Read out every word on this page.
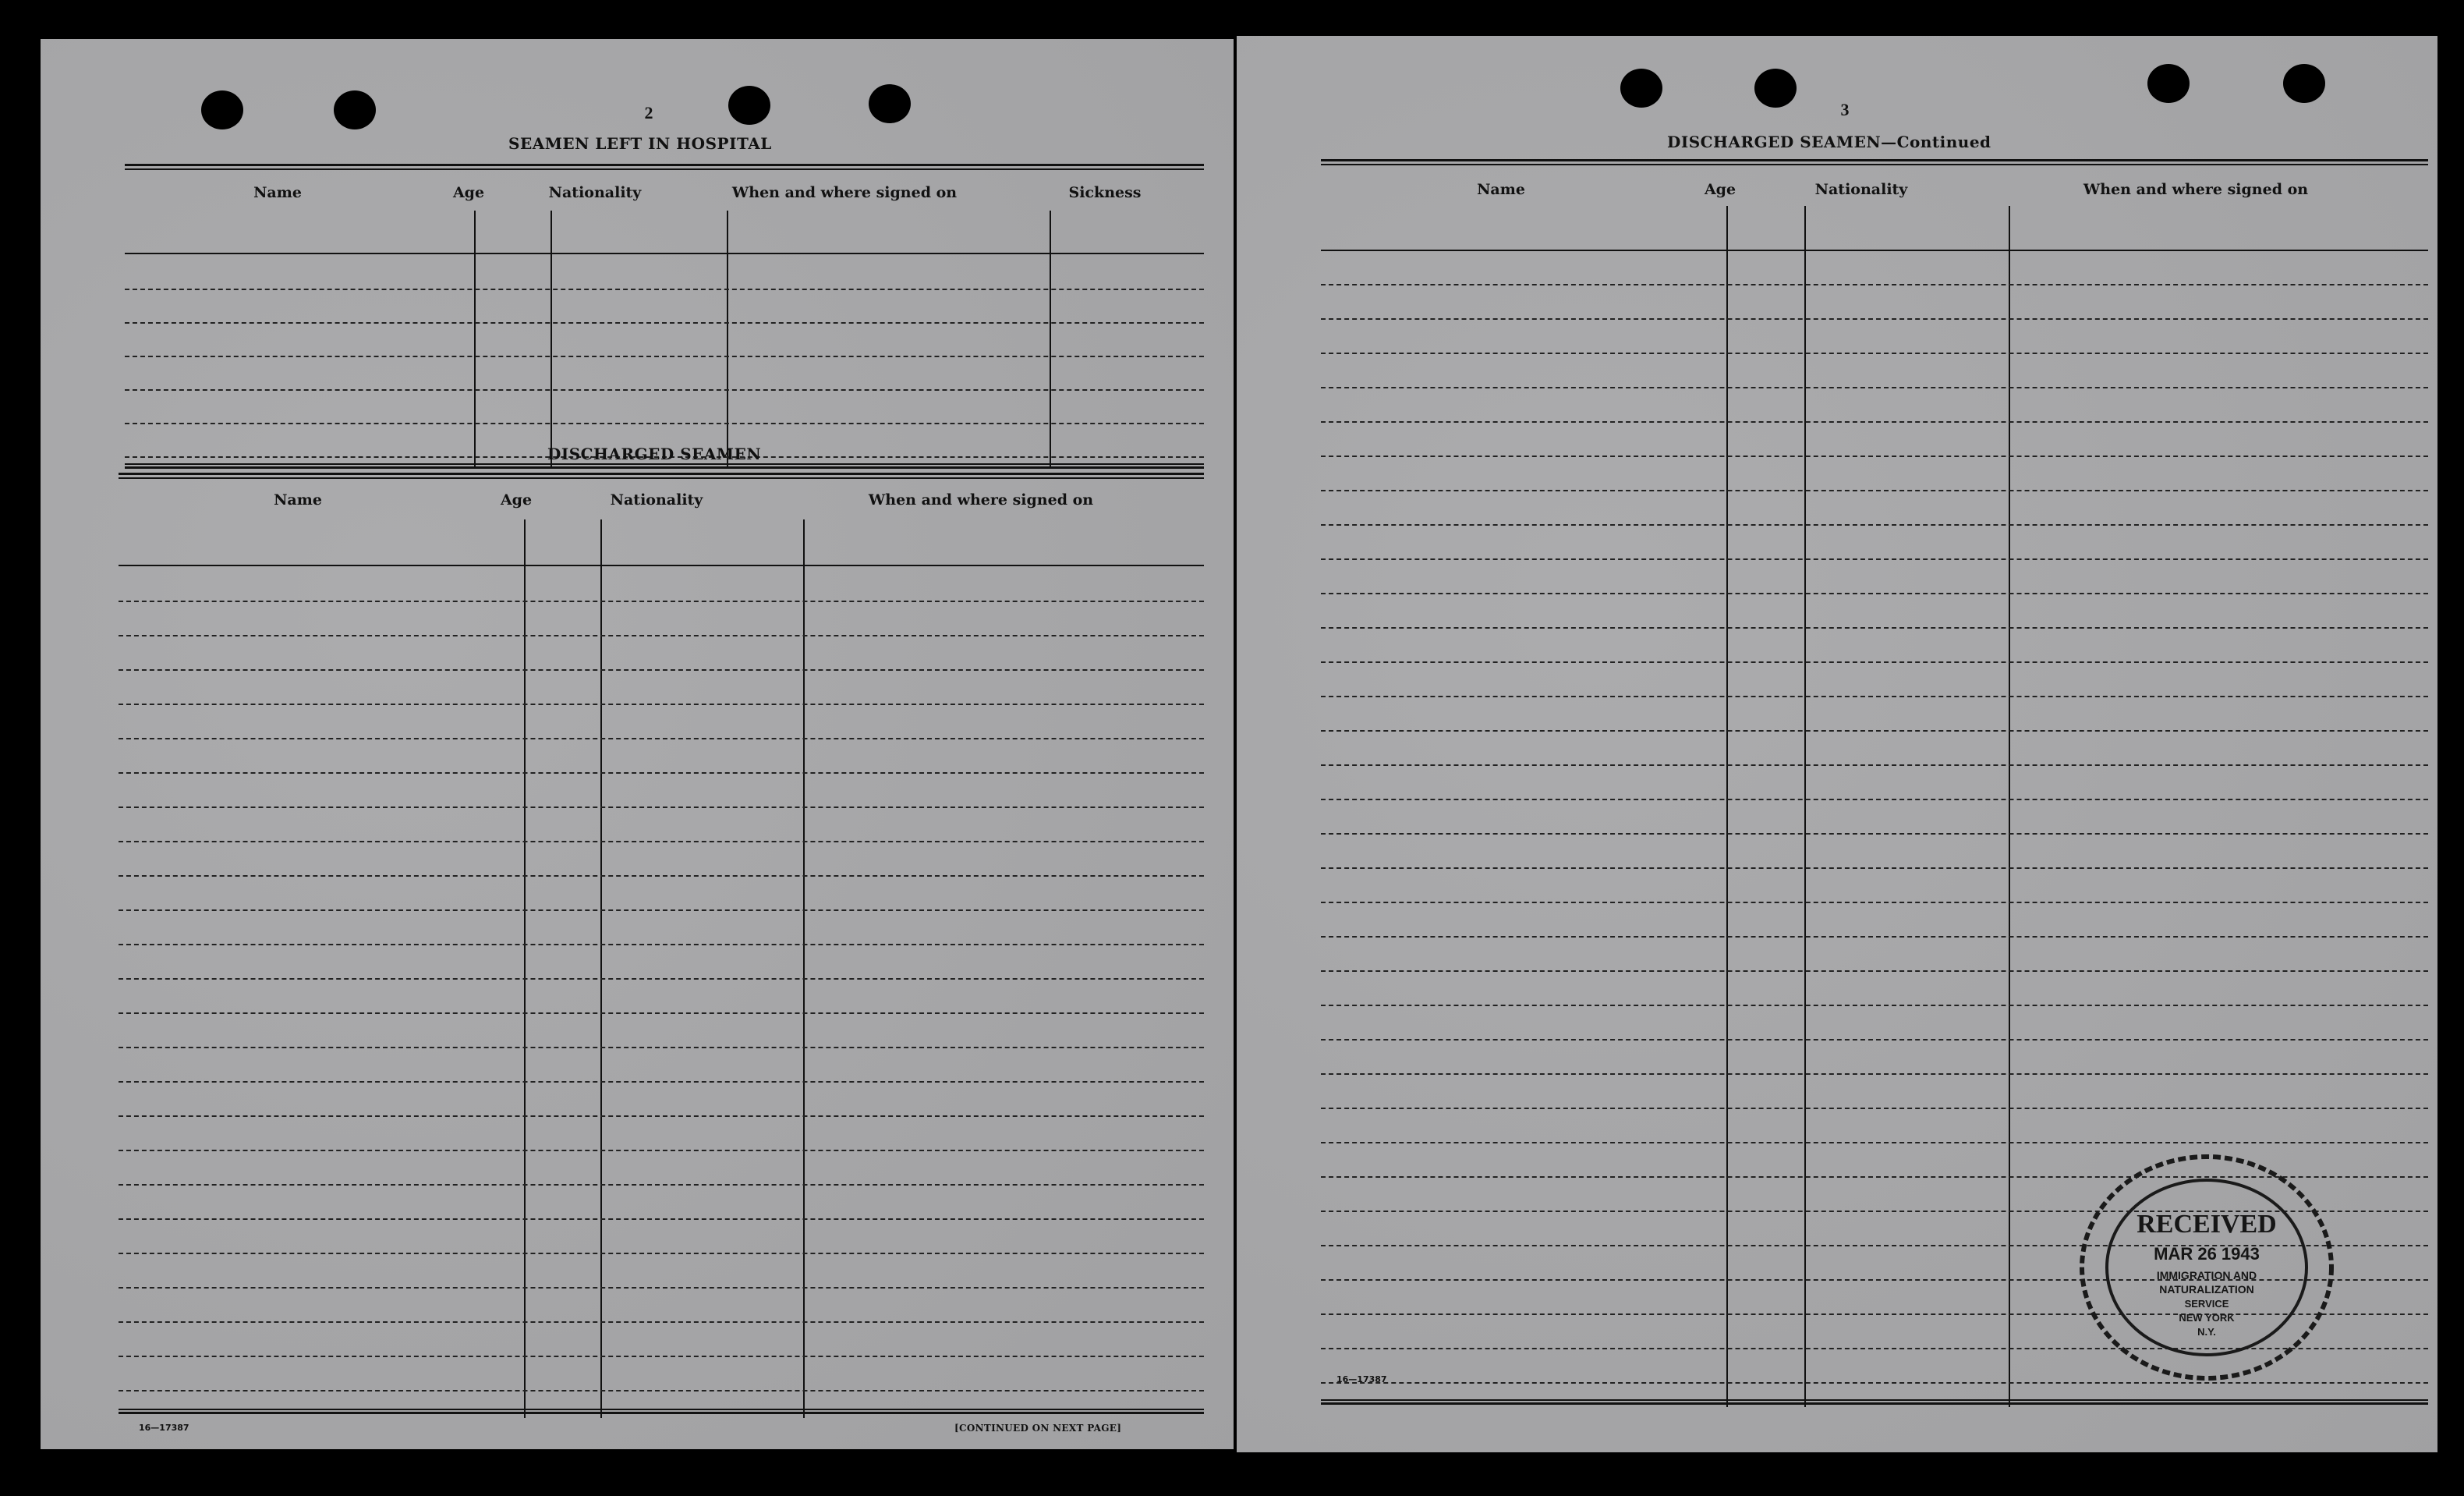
2
SEAMEN LEFT IN HOSPITAL
Name	Age	Nationality	When and where signed on	Sickness
DISCHARGED SEAMEN
Name	Age	Nationality	When and where signed on
16—17387	[CONTINUED ON NEXT PAGE]
3
DISCHARGED SEAMEN—Continued
Name	Age	Nationality	When and where signed on
16—17387
RECEIVED
MAR 26 1943
IMMIGRATION AND
NATURALIZATION
SERVICE
NEW YORK
N.Y.
